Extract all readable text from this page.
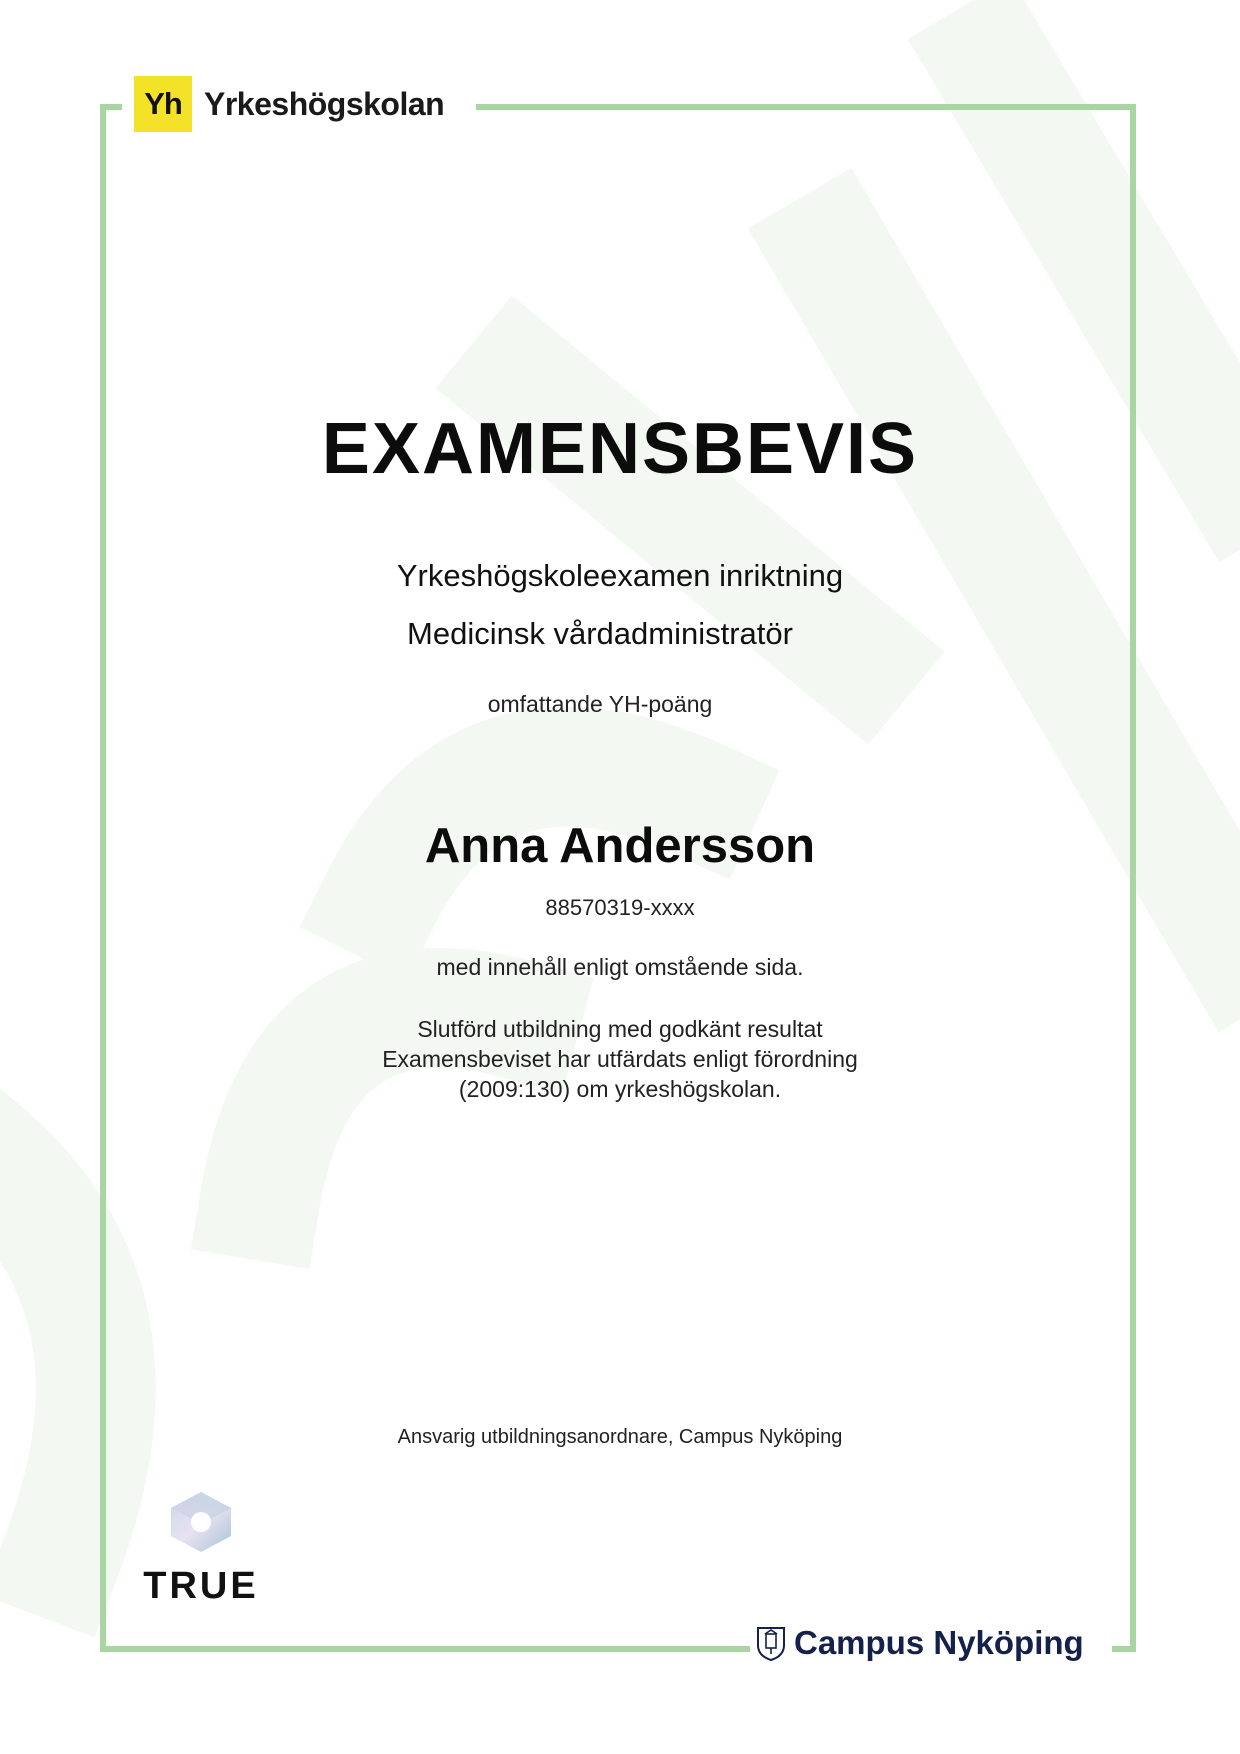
Yh Yrkeshögskolan
EXAMENSBEVIS
Yrkeshögskoleexamen inriktning
Medicinsk vårdadministratör
omfattande YH-poäng
Anna Andersson
88570319-xxxx
med innehåll enligt omstående sida.
Slutförd utbildning med godkänt resultat
Examensbeviset har utfärdats enligt förordning
(2009:130) om yrkeshögskolan.
Ansvarig utbildningsanordnare, Campus Nyköping
TRUE
Campus Nyköping
